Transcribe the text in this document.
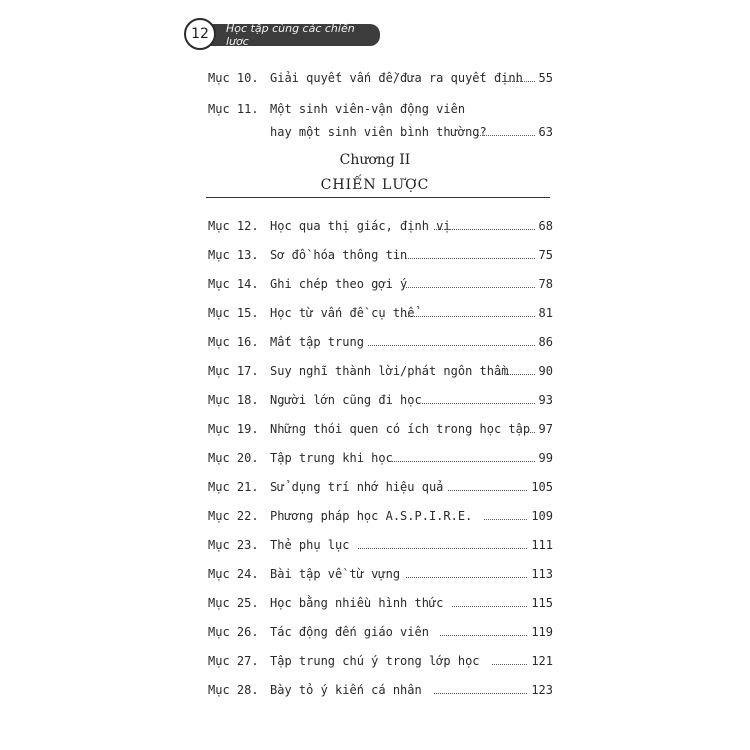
12	Học tập cùng các chiến lược
Mục 10. Giải quyết vấn đề/đưa ra quyết định 55
Mục 11. Một sinh viên-vận động viên
hay một sinh viên bình thường?	63
Chương II
CHIẾN LƯỢC
Mục 12. Học qua thị giác, định vị	68
Mục 13. Sơ đồ hóa thông tin	75
Mục 14. Ghi chép theo gợi ý	78
Mục 15. Học từ vấn đề cụ thể	81
Mục 16. Mất tập trung	86
Mục 17. Suy nghĩ thành lời/phát ngôn thầm	90
Mục 18. Người lớn cũng đi học	93
Mục 19. Những thói quen có ích trong học tập 97
Mục 20. Tập trung khi học	99
Mục 21. Sử dụng trí nhớ hiệu quả	105
Mục 22. Phương pháp học A.S.P.I.R.E.	109
Mục 23. Thẻ phụ lục	111
Mục 24. Bài tập về từ vựng	113
Mục 25. Học bằng nhiều hình thức	115
Mục 26. Tác động đến giáo viên	119
Mục 27. Tập trung chú ý trong lớp học	121
Mục 28. Bày tỏ ý kiến cá nhân	123
